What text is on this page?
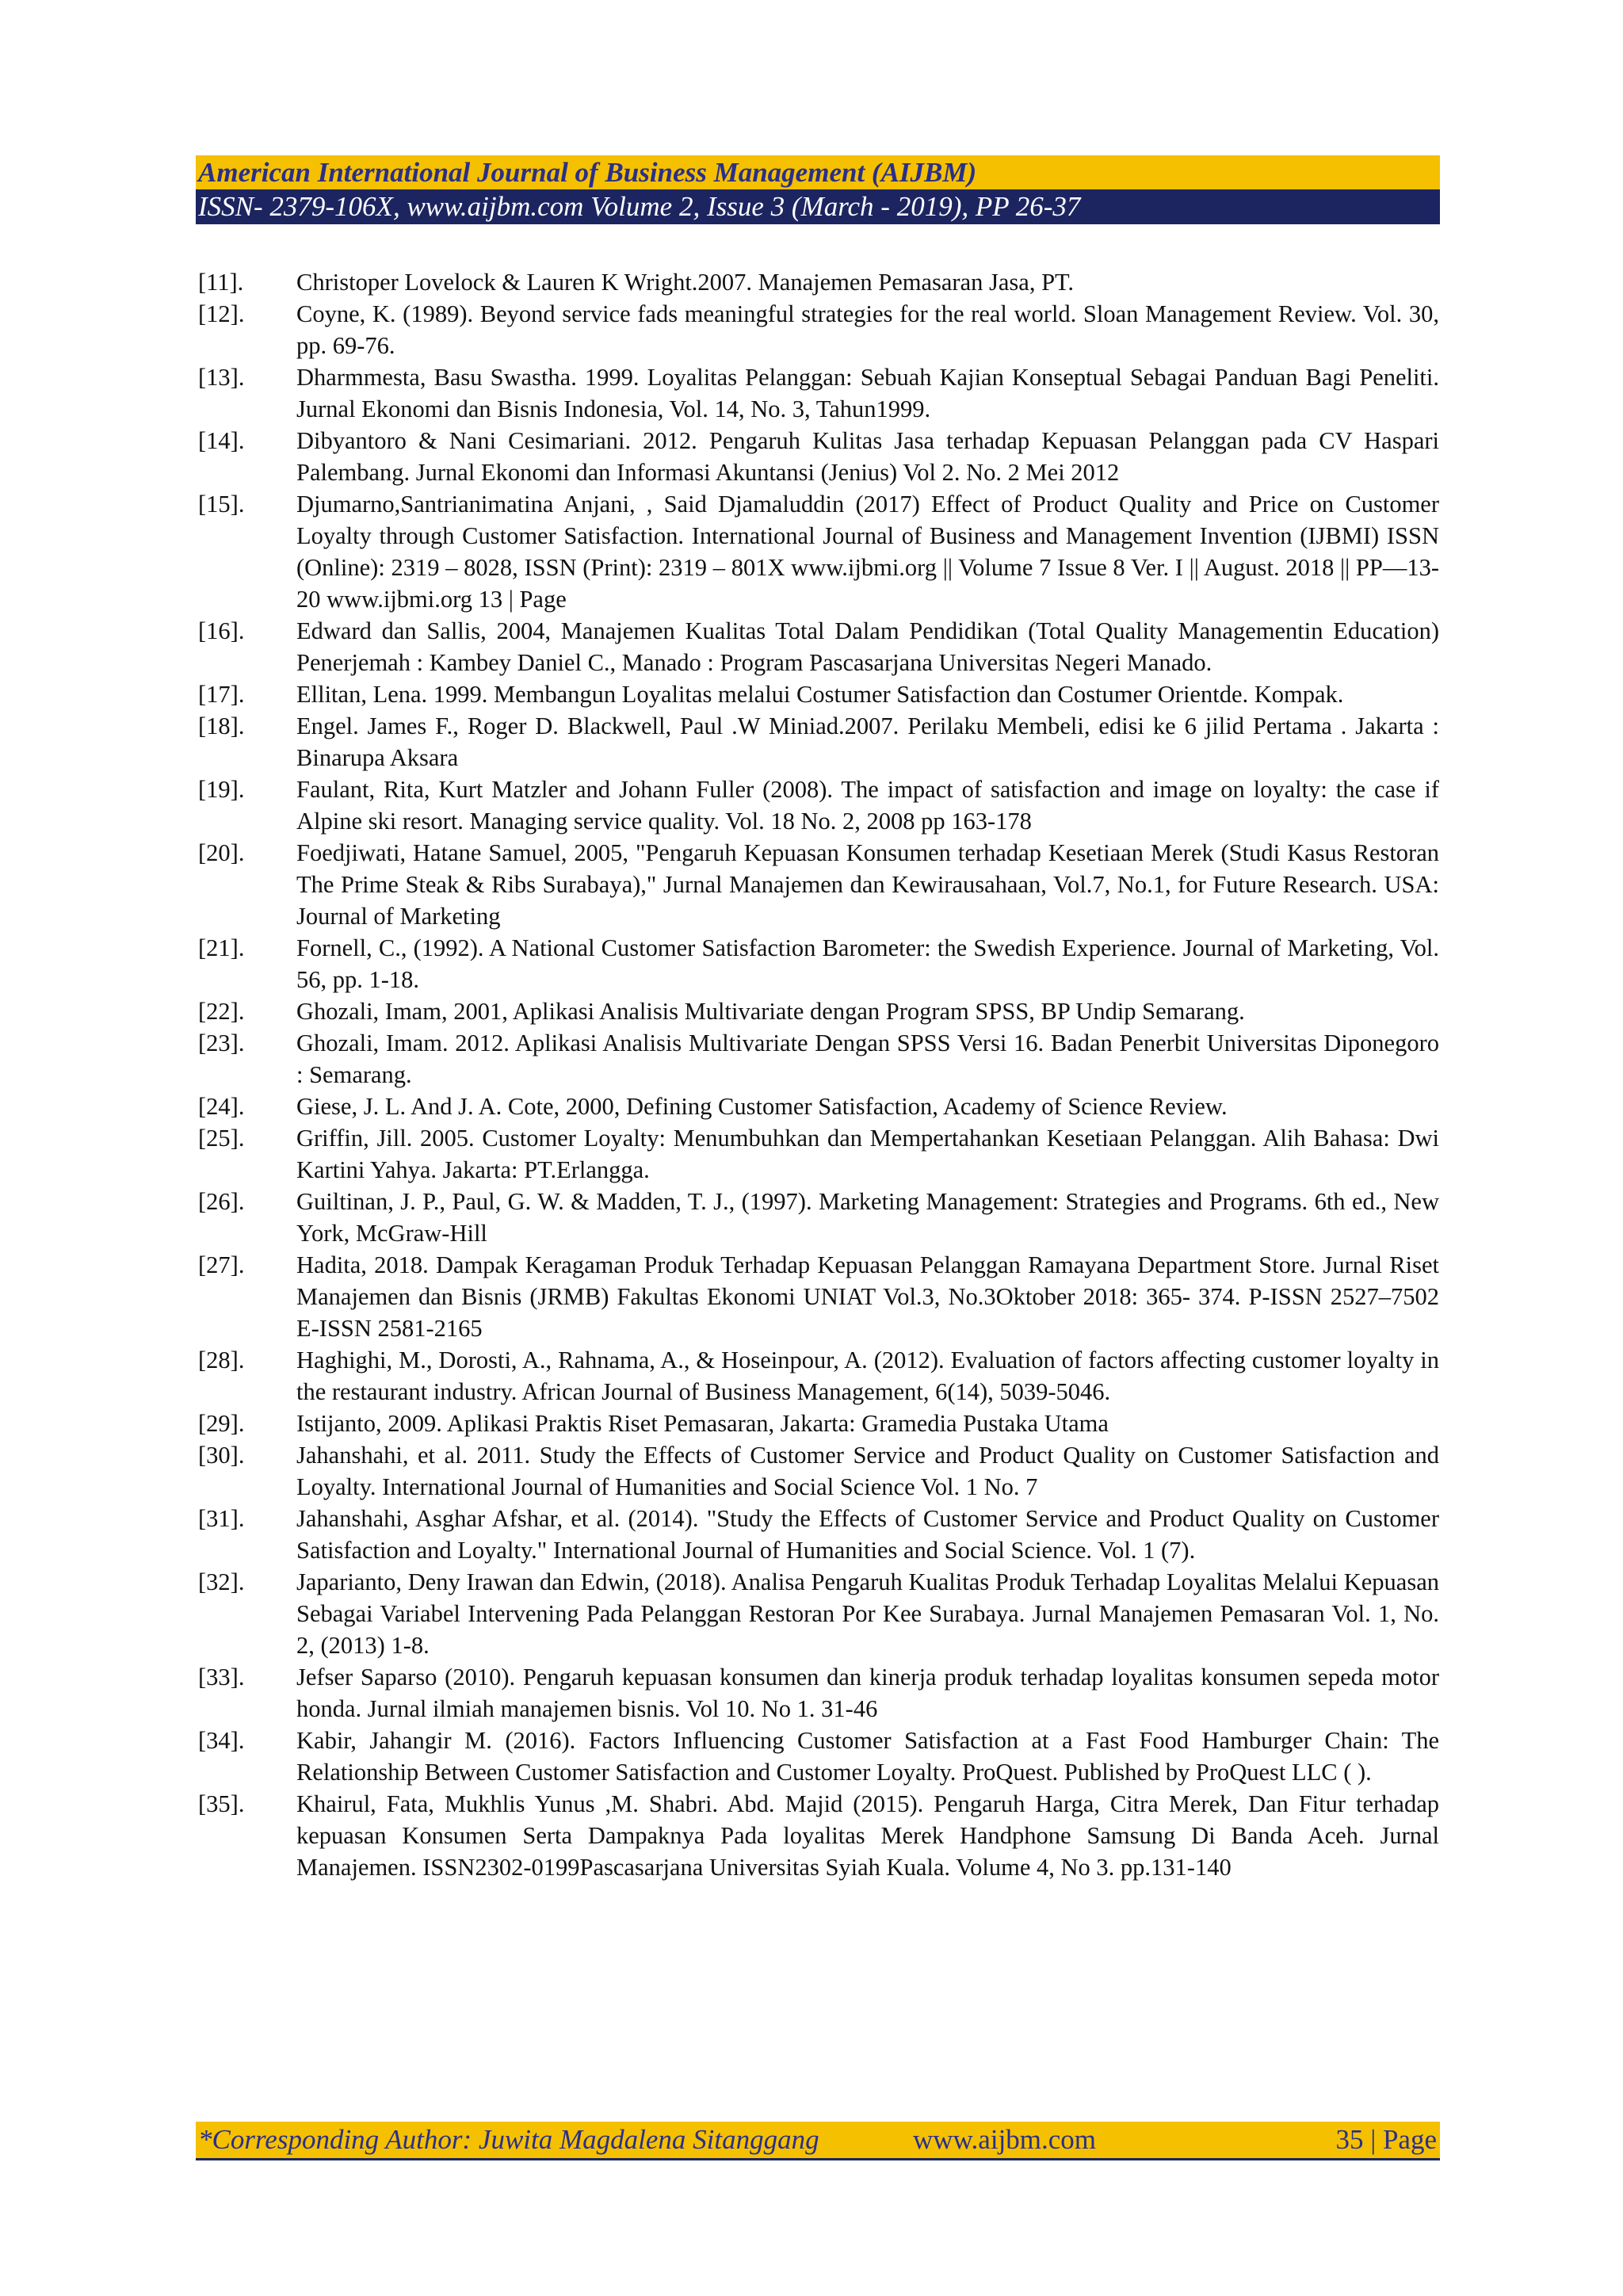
American International Journal of Business Management (AIJBM)
ISSN- 2379-106X, www.aijbm.com Volume 2, Issue 3 (March - 2019), PP 26-37
[11].	Christoper Lovelock & Lauren K Wright.2007. Manajemen Pemasaran Jasa, PT.
[12].	Coyne, K. (1989). Beyond service fads meaningful strategies for the real world. Sloan Management Review. Vol. 30, pp. 69-76.
[13].	Dharmmesta, Basu Swastha. 1999. Loyalitas Pelanggan: Sebuah Kajian Konseptual Sebagai Panduan Bagi Peneliti. Jurnal Ekonomi dan Bisnis Indonesia, Vol. 14, No. 3, Tahun1999.
[14].	Dibyantoro & Nani Cesimariani. 2012. Pengaruh Kulitas Jasa terhadap Kepuasan Pelanggan pada CV Haspari Palembang. Jurnal Ekonomi dan Informasi Akuntansi (Jenius) Vol 2. No. 2 Mei 2012
[15].	Djumarno,Santrianimatina Anjani, , Said Djamaluddin (2017) Effect of Product Quality and Price on Customer Loyalty through Customer Satisfaction. International Journal of Business and Management Invention (IJBMI) ISSN (Online): 2319 – 8028, ISSN (Print): 2319 – 801X www.ijbmi.org || Volume 7 Issue 8 Ver. I || August. 2018 || PP—13-20 www.ijbmi.org 13 | Page
[16].	Edward dan Sallis, 2004, Manajemen Kualitas Total Dalam Pendidikan (Total Quality Managementin Education) Penerjemah : Kambey Daniel C., Manado : Program Pascasarjana Universitas Negeri Manado.
[17].	Ellitan, Lena. 1999. Membangun Loyalitas melalui Costumer Satisfaction dan Costumer Orientde. Kompak.
[18].	Engel. James F., Roger D. Blackwell, Paul .W Miniad.2007. Perilaku Membeli, edisi ke 6 jilid Pertama . Jakarta : Binarupa Aksara
[19].	Faulant, Rita, Kurt Matzler and Johann Fuller (2008). The impact of satisfaction and image on loyalty: the case if Alpine ski resort. Managing service quality. Vol. 18 No. 2, 2008 pp 163-178
[20].	Foedjiwati, Hatane Samuel, 2005, "Pengaruh Kepuasan Konsumen terhadap Kesetiaan Merek (Studi Kasus Restoran The Prime Steak & Ribs Surabaya)," Jurnal Manajemen dan Kewirausahaan, Vol.7, No.1, for Future Research. USA: Journal of Marketing
[21].	Fornell, C., (1992). A National Customer Satisfaction Barometer: the Swedish Experience. Journal of Marketing, Vol. 56, pp. 1-18.
[22].	Ghozali, Imam, 2001, Aplikasi Analisis Multivariate dengan Program SPSS, BP Undip Semarang.
[23].	Ghozali, Imam. 2012. Aplikasi Analisis Multivariate Dengan SPSS Versi 16. Badan Penerbit Universitas Diponegoro : Semarang.
[24].	Giese, J. L. And J. A. Cote, 2000, Defining Customer Satisfaction, Academy of Science Review.
[25].	Griffin, Jill. 2005. Customer Loyalty: Menumbuhkan dan Mempertahankan Kesetiaan Pelanggan. Alih Bahasa: Dwi Kartini Yahya. Jakarta: PT.Erlangga.
[26].	Guiltinan, J. P., Paul, G. W. & Madden, T. J., (1997). Marketing Management: Strategies and Programs. 6th ed., New York, McGraw-Hill
[27].	Hadita, 2018. Dampak Keragaman Produk Terhadap Kepuasan Pelanggan Ramayana Department Store. Jurnal Riset Manajemen dan Bisnis (JRMB) Fakultas Ekonomi UNIAT Vol.3, No.3Oktober 2018: 365- 374. P-ISSN 2527–7502 E-ISSN 2581-2165
[28].	Haghighi, M., Dorosti, A., Rahnama, A., & Hoseinpour, A. (2012). Evaluation of factors affecting customer loyalty in the restaurant industry. African Journal of Business Management, 6(14), 5039-5046.
[29].	Istijanto, 2009. Aplikasi Praktis Riset Pemasaran, Jakarta: Gramedia Pustaka Utama
[30].	Jahanshahi, et al. 2011. Study the Effects of Customer Service and Product Quality on Customer Satisfaction and Loyalty. International Journal of Humanities and Social Science Vol. 1 No. 7
[31].	Jahanshahi, Asghar Afshar, et al. (2014). "Study the Effects of Customer Service and Product Quality on Customer Satisfaction and Loyalty." International Journal of Humanities and Social Science. Vol. 1 (7).
[32].	Japarianto, Deny Irawan dan Edwin, (2018). Analisa Pengaruh Kualitas Produk Terhadap Loyalitas Melalui Kepuasan Sebagai Variabel Intervening Pada Pelanggan Restoran Por Kee Surabaya. Jurnal Manajemen Pemasaran Vol. 1, No. 2, (2013) 1-8.
[33].	Jefser Saparso (2010). Pengaruh kepuasan konsumen dan kinerja produk terhadap loyalitas konsumen sepeda motor honda. Jurnal ilmiah manajemen bisnis. Vol 10. No 1. 31-46
[34].	Kabir, Jahangir M. (2016). Factors Influencing Customer Satisfaction at a Fast Food Hamburger Chain: The Relationship Between Customer Satisfaction and Customer Loyalty. ProQuest. Published by ProQuest LLC ( ).
[35].	Khairul, Fata, Mukhlis Yunus ,M. Shabri. Abd. Majid (2015). Pengaruh Harga, Citra Merek, Dan Fitur terhadap kepuasan Konsumen Serta Dampaknya Pada loyalitas Merek Handphone Samsung Di Banda Aceh. Jurnal Manajemen. ISSN2302-0199Pascasarjana Universitas Syiah Kuala. Volume 4, No 3. pp.131-140
*Corresponding Author: Juwita Magdalena Sitanggang	www.aijbm.com	35 | Page
